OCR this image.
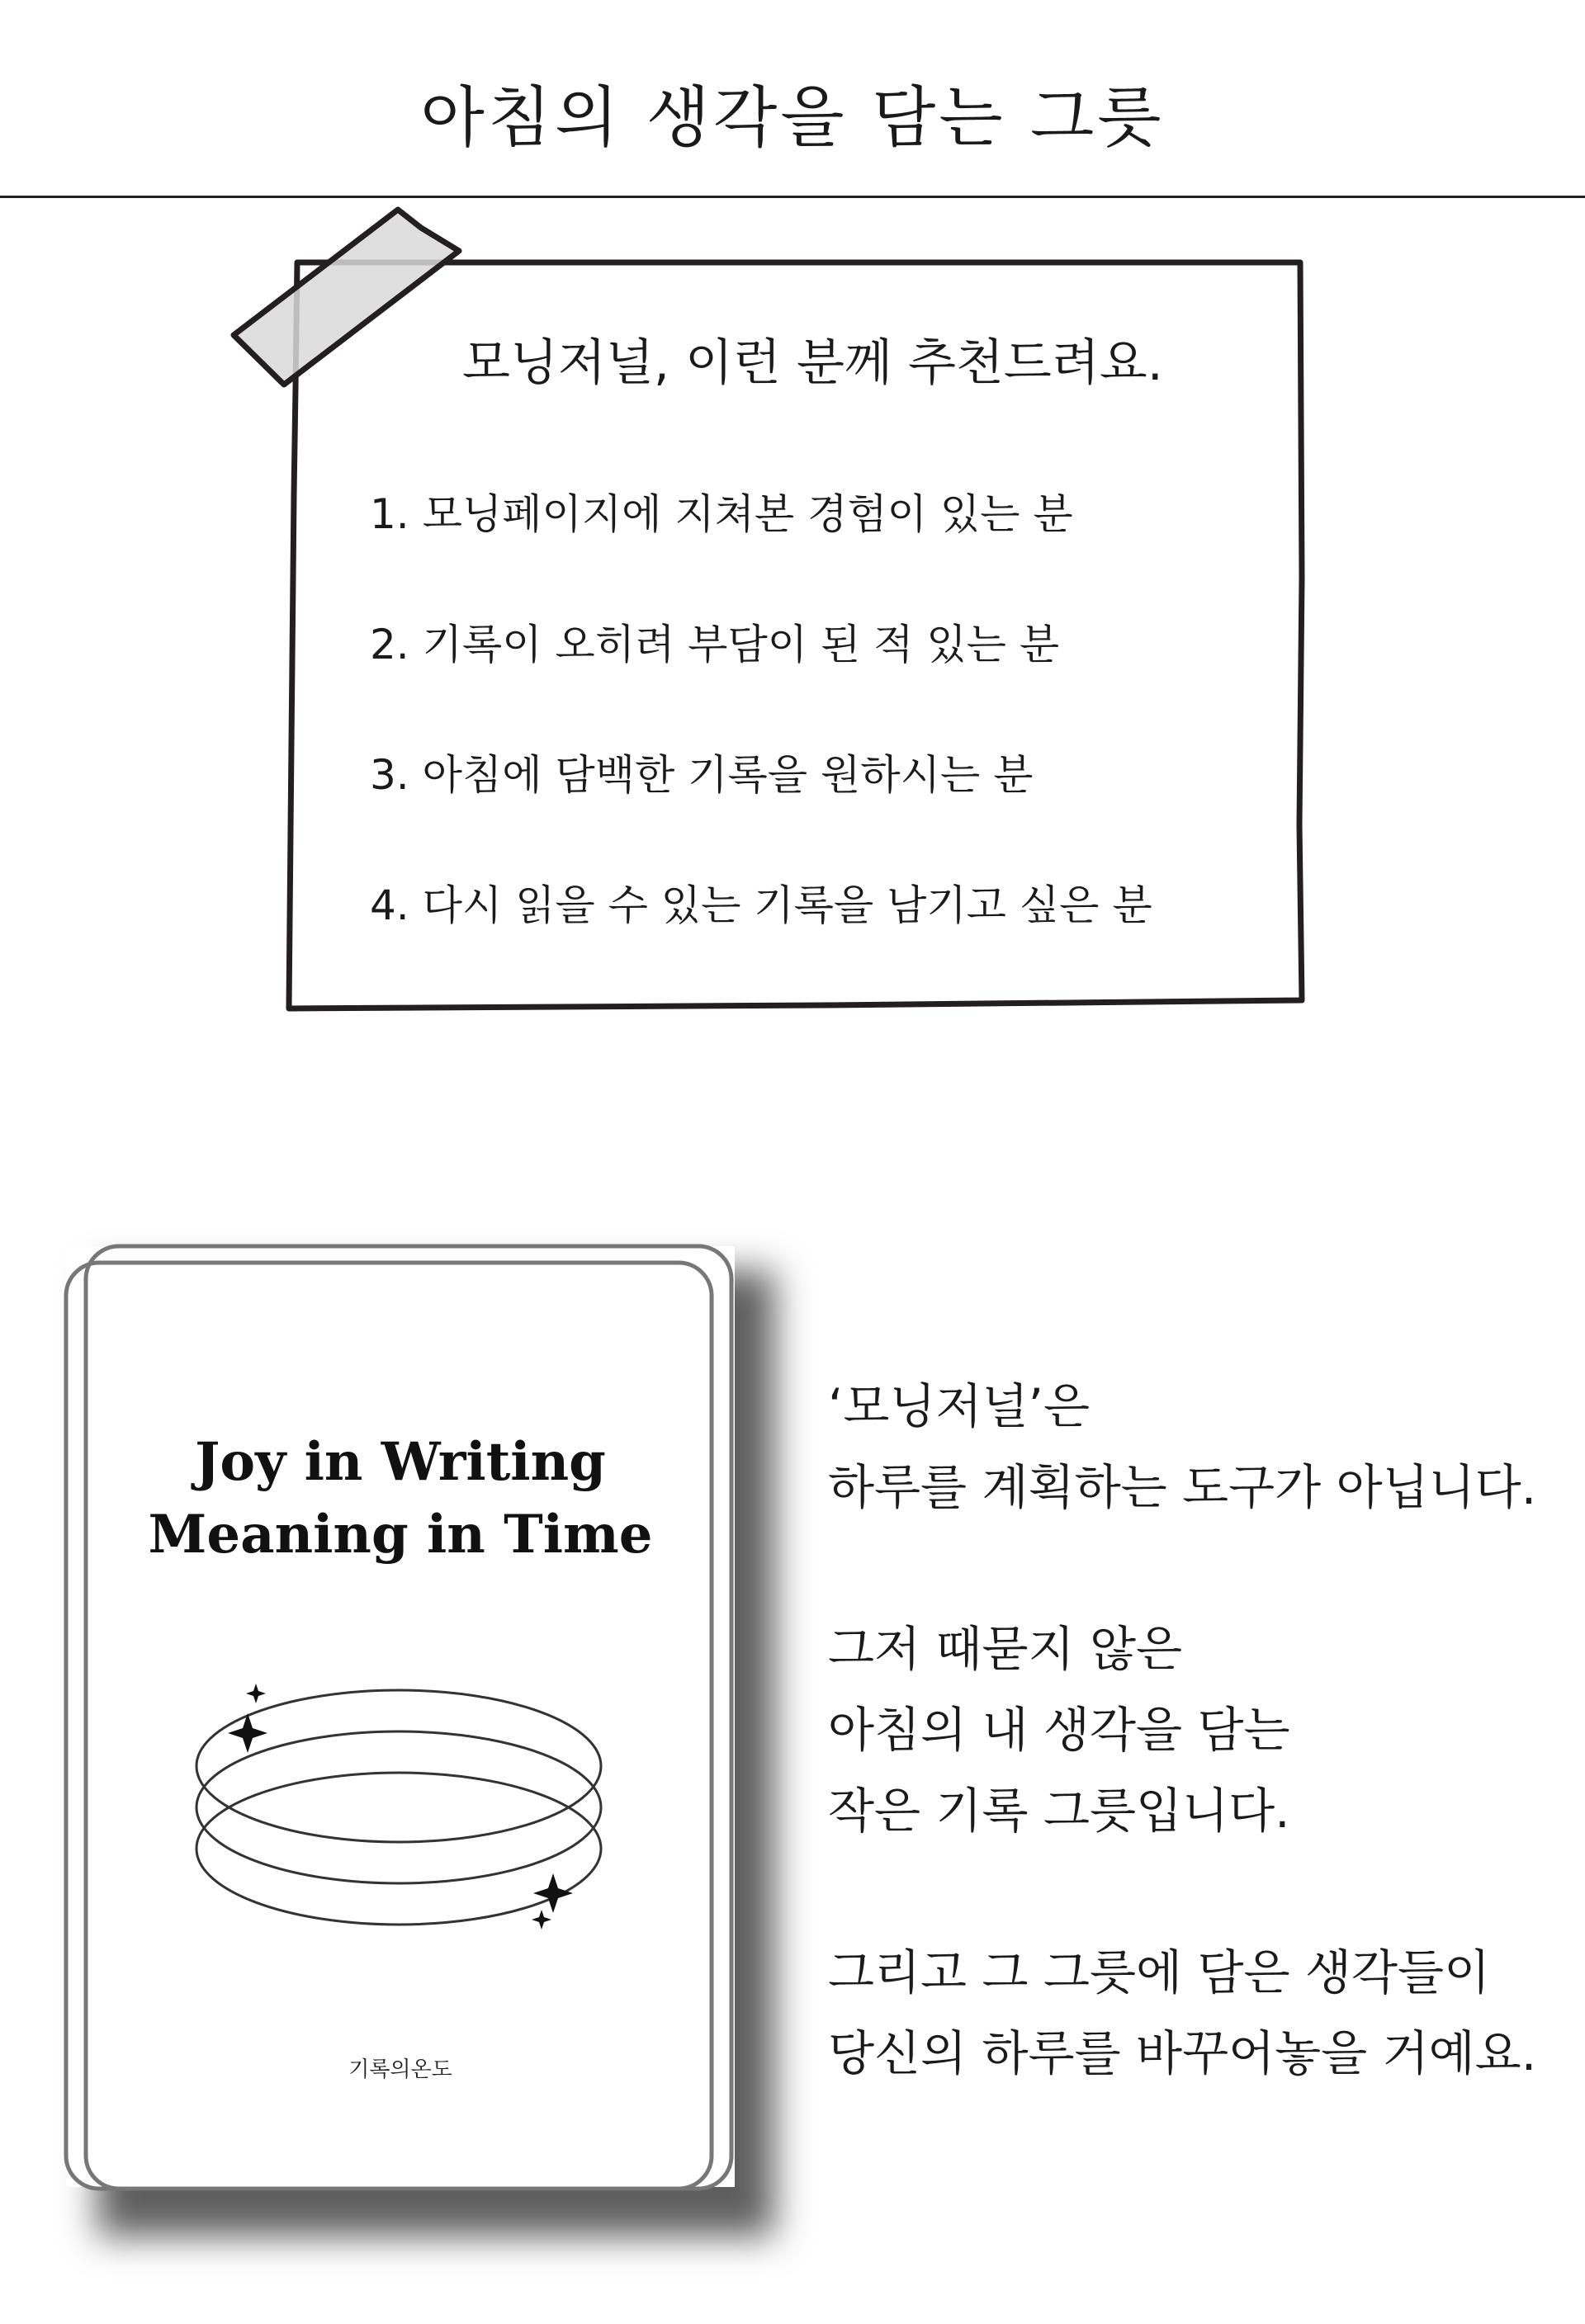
아침의 생각을 담는 그릇
모닝저널, 이런 분께 추천드려요.
1. 모닝페이지에 지쳐본 경험이 있는 분
2. 기록이 오히려 부담이 된 적 있는 분
3. 아침에 담백한 기록을 원하시는 분
4. 다시 읽을 수 있는 기록을 남기고 싶은 분
Joy in Writing
Meaning in Time
기록의온도
‘모닝저널’은
하루를 계획하는 도구가 아닙니다.
그저 때묻지 않은
아침의 내 생각을 담는
작은 기록 그릇입니다.
그리고 그 그릇에 담은 생각들이
당신의 하루를 바꾸어놓을 거예요.
